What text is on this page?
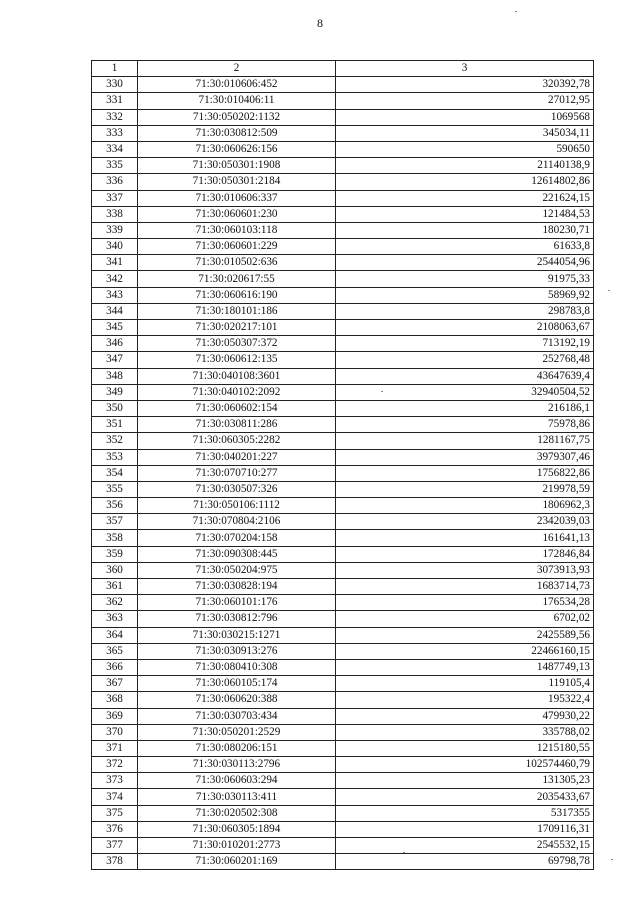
8
1	2	3
330	71:30:010606:452	320392,78
331	71:30:010406:11	27012,95
332	71:30:050202:1132	1069568
333	71:30:030812:509	345034,11
334	71:30:060626:156	590650
335	71:30:050301:1908	21140138,9
336	71:30:050301:2184	12614802,86
337	71:30:010606:337	221624,15
338	71:30:060601:230	121484,53
339	71:30:060103:118	180230,71
340	71:30:060601:229	61633,8
341	71:30:010502:636	2544054,96
342	71:30:020617:55	91975,33
343	71:30:060616:190	58969,92
344	71:30:180101:186	298783,8
345	71:30:020217:101	2108063,67
346	71:30:050307:372	713192,19
347	71:30:060612:135	252768,48
348	71:30:040108:3601	43647639,4
349	71:30:040102:2092	32940504,52
350	71:30:060602:154	216186,1
351	71:30:030811:286	75978,86
352	71:30:060305:2282	1281167,75
353	71:30:040201:227	3979307,46
354	71:30:070710:277	1756822,86
355	71:30:030507:326	219978,59
356	71:30:050106:1112	1806962,3
357	71:30:070804:2106	2342039,03
358	71:30:070204:158	161641,13
359	71:30:090308:445	172846,84
360	71:30:050204:975	3073913,93
361	71:30:030828:194	1683714,73
362	71:30:060101:176	176534,28
363	71:30:030812:796	6702,02
364	71:30:030215:1271	2425589,56
365	71:30:030913:276	22466160,15
366	71:30:080410:308	1487749,13
367	71:30:060105:174	119105,4
368	71:30:060620:388	195322,4
369	71:30:030703:434	479930,22
370	71:30:050201:2529	335788,02
371	71:30:080206:151	1215180,55
372	71:30:030113:2796	102574460,79
373	71:30:060603:294	131305,23
374	71:30:030113:411	2035433,67
375	71:30:020502:308	5317355
376	71:30:060305:1894	1709116,31
377	71:30:010201:2773	2545532,15
378	71:30:060201:169	69798,78
